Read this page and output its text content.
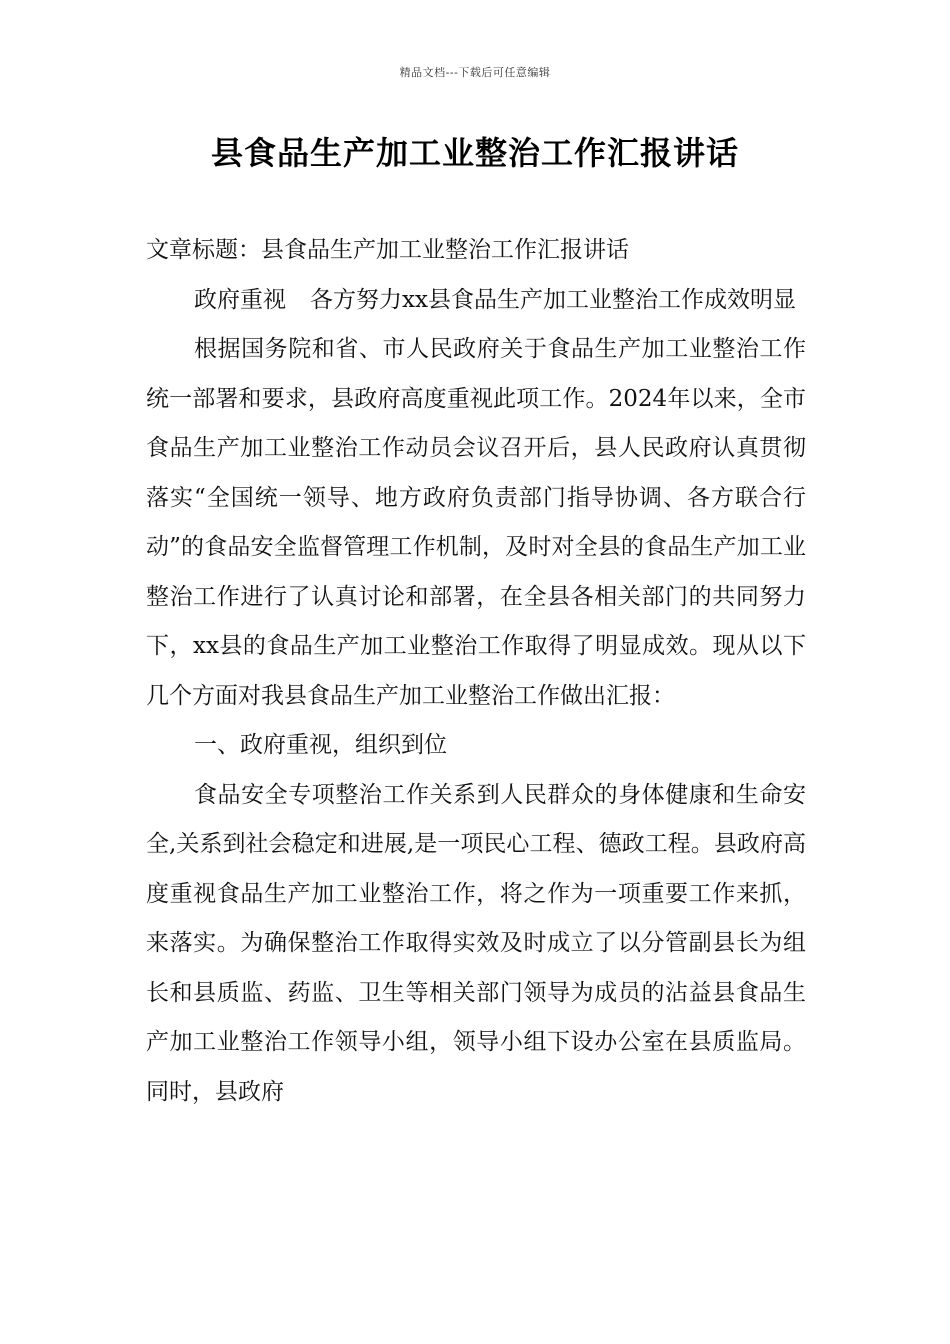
精品文档---下载后可任意编辑
县食品生产加工业整治工作汇报讲话

文章标题：县食品生产加工业整治工作汇报讲话

政府重视 各方努力xx县食品生产加工业整治工作成效明显

根据国务院和省、市人民政府关于食品生产加工业整治工作统一部署和要求，县政府高度重视此项工作。2024年以来，全市食品生产加工业整治工作动员会议召开后，县人民政府认真贯彻落实“全国统一领导、地方政府负责部门指导协调、各方联合行动”的食品安全监督管理工作机制，及时对全县的食品生产加工业整治工作进行了认真讨论和部署，在全县各相关部门的共同努力下，xx县的食品生产加工业整治工作取得了明显成效。现从以下几个方面对我县食品生产加工业整治工作做出汇报：

一、政府重视，组织到位

食品安全专项整治工作关系到人民群众的身体健康和生命安全,关系到社会稳定和进展,是一项民心工程、德政工程。县政府高度重视食品生产加工业整治工作，将之作为一项重要工作来抓，来落实。为确保整治工作取得实效及时成立了以分管副县长为组长和县质监、药监、卫生等相关部门领导为成员的沾益县食品生产加工业整治工作领导小组，领导小组下设办公室在县质监局。同时，县政府
